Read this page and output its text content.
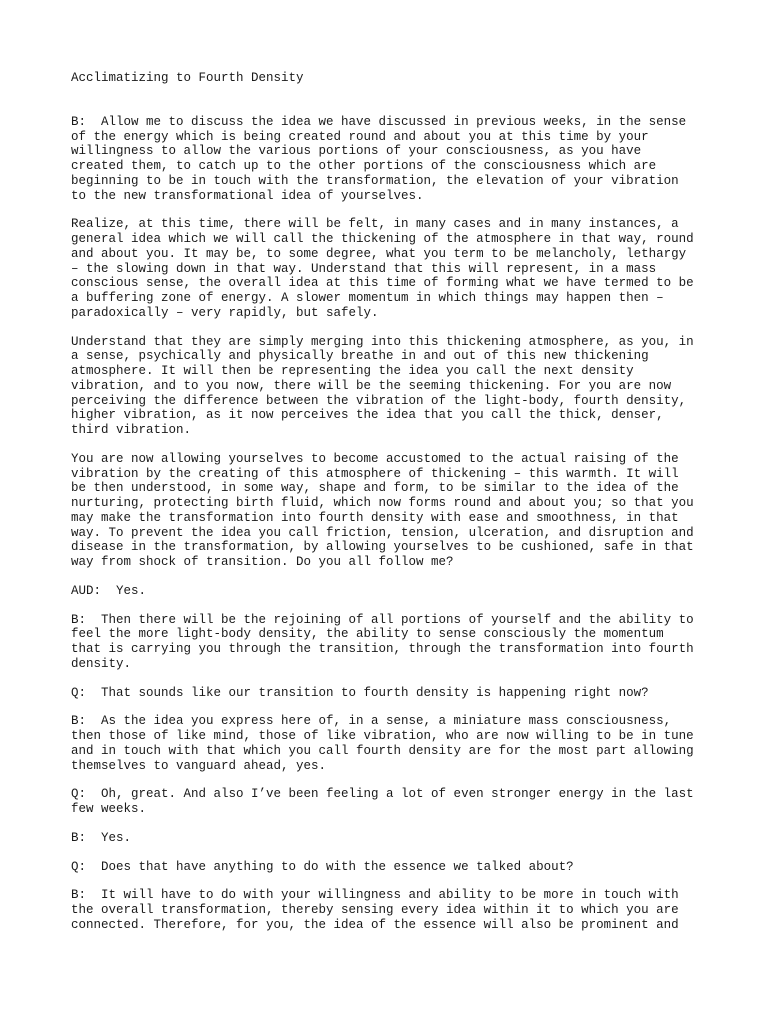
Acclimatizing to Fourth Density

B:  Allow me to discuss the idea we have discussed in previous weeks, in the sense
of the energy which is being created round and about you at this time by your
willingness to allow the various portions of your consciousness, as you have
created them, to catch up to the other portions of the consciousness which are
beginning to be in touch with the transformation, the elevation of your vibration
to the new transformational idea of yourselves.

Realize, at this time, there will be felt, in many cases and in many instances, a
general idea which we will call the thickening of the atmosphere in that way, round
and about you. It may be, to some degree, what you term to be melancholy, lethargy
– the slowing down in that way. Understand that this will represent, in a mass
conscious sense, the overall idea at this time of forming what we have termed to be
a buffering zone of energy. A slower momentum in which things may happen then –
paradoxically – very rapidly, but safely.

Understand that they are simply merging into this thickening atmosphere, as you, in
a sense, psychically and physically breathe in and out of this new thickening
atmosphere. It will then be representing the idea you call the next density
vibration, and to you now, there will be the seeming thickening. For you are now
perceiving the difference between the vibration of the light-body, fourth density,
higher vibration, as it now perceives the idea that you call the thick, denser,
third vibration.

You are now allowing yourselves to become accustomed to the actual raising of the
vibration by the creating of this atmosphere of thickening – this warmth. It will
be then understood, in some way, shape and form, to be similar to the idea of the
nurturing, protecting birth fluid, which now forms round and about you; so that you
may make the transformation into fourth density with ease and smoothness, in that
way. To prevent the idea you call friction, tension, ulceration, and disruption and
disease in the transformation, by allowing yourselves to be cushioned, safe in that
way from shock of transition. Do you all follow me?

AUD:  Yes.

B:  Then there will be the rejoining of all portions of yourself and the ability to
feel the more light-body density, the ability to sense consciously the momentum
that is carrying you through the transition, through the transformation into fourth
density.

Q:  That sounds like our transition to fourth density is happening right now?

B:  As the idea you express here of, in a sense, a miniature mass consciousness,
then those of like mind, those of like vibration, who are now willing to be in tune
and in touch with that which you call fourth density are for the most part allowing
themselves to vanguard ahead, yes.

Q:  Oh, great. And also I’ve been feeling a lot of even stronger energy in the last
few weeks.

B:  Yes.

Q:  Does that have anything to do with the essence we talked about?

B:  It will have to do with your willingness and ability to be more in touch with
the overall transformation, thereby sensing every idea within it to which you are
connected. Therefore, for you, the idea of the essence will also be prominent and
